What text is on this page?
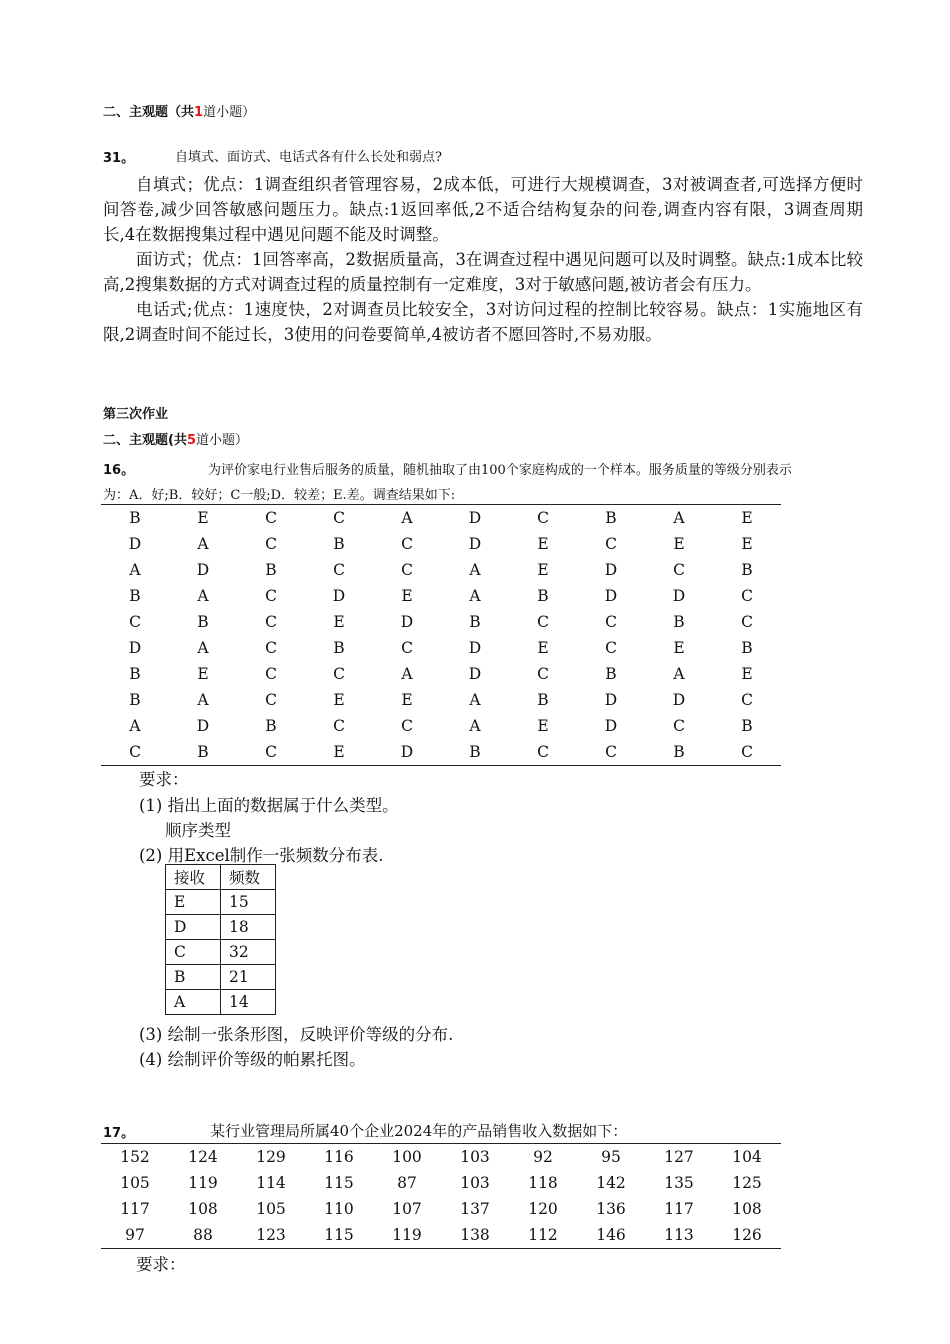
二、主观题（共1道小题）
31。	自填式、面访式、电话式各有什么长处和弱点?

自填式；优点：1调查组织者管理容易，2成本低，可进行大规模调查，3对被调查者,可选择方便时间答卷,减少回答敏感问题压力。缺点:1返回率低,2不适合结构复杂的问卷,调查内容有限，3调查周期长,4在数据搜集过程中遇见问题不能及时调整。

面访式；优点：1回答率高，2数据质量高，3在调查过程中遇见问题可以及时调整。缺点:1成本比较高,2搜集数据的方式对调查过程的质量控制有一定难度，3对于敏感问题,被访者会有压力。

电话式;优点：1速度快，2对调查员比较安全，3对访问过程的控制比较容易。缺点：1实施地区有限,2调查时间不能过长，3使用的问卷要简单,4被访者不愿回答时,不易劝服。

第三次作业
二、主观题(共5道小题）
16。	为评价家电行业售后服务的质量，随机抽取了由100个家庭构成的一个样本。服务质量的等级分别表示
为：A．好;B．较好；C一般;D．较差；E.差。调查结果如下:
B	E	C	C	A	D	C	B	A	E
D	A	C	B	C	D	E	C	E	E
A	D	B	C	C	A	E	D	C	B
B	A	C	D	E	A	B	D	D	C
C	B	C	E	D	B	C	C	B	C
D	A	C	B	C	D	E	C	E	B
B	E	C	C	A	D	C	B	A	E
B	A	C	E	E	A	B	D	D	C
A	D	B	C	C	A	E	D	C	B
C	B	C	E	D	B	C	C	B	C
要求：
(1) 指出上面的数据属于什么类型。
顺序类型
(2) 用Excel制作一张频数分布表.
接收	频数
E	15
D	18
C	32
B	21
A	14
(3) 绘制一张条形图，反映评价等级的分布.
(4) 绘制评价等级的帕累托图。
17。	某行业管理局所属40个企业2024年的产品销售收入数据如下：
152	124	129	116	100	103	92	95	127	104
105	119	114	115	87	103	118	142	135	125
117	108	105	110	107	137	120	136	117	108
97	88	123	115	119	138	112	146	113	126
要求：
